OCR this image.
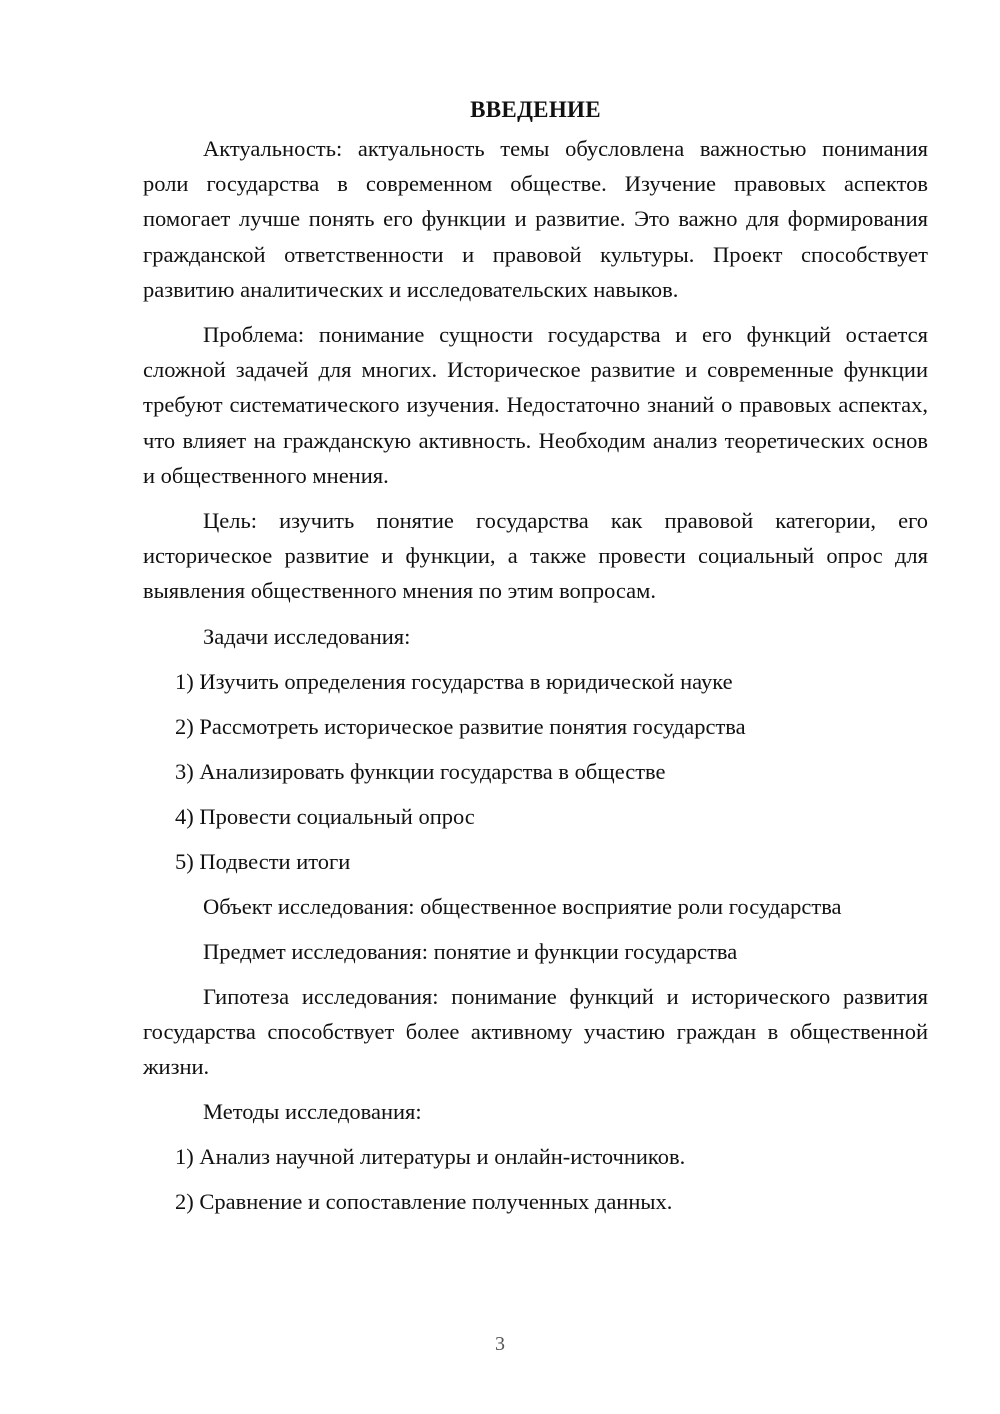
ВВЕДЕНИЕ

Актуальность: актуальность темы обусловлена важностью понимания роли государства в современном обществе. Изучение правовых аспектов помогает лучше понять его функции и развитие. Это важно для формирования гражданской ответственности и правовой культуры. Проект способствует развитию аналитических и исследовательских навыков.

Проблема: понимание сущности государства и его функций остается сложной задачей для многих. Историческое развитие и современные функции требуют систематического изучения. Недостаточно знаний о правовых аспектах, что влияет на гражданскую активность. Необходим анализ теоретических основ и общественного мнения.

Цель: изучить понятие государства как правовой категории, его историческое развитие и функции, а также провести социальный опрос для выявления общественного мнения по этим вопросам.

Задачи исследования:
1) Изучить определения государства в юридической науке
2) Рассмотреть историческое развитие понятия государства
3) Анализировать функции государства в обществе
4) Провести социальный опрос
5) Подвести итоги
Объект исследования: общественное восприятие роли государства
Предмет исследования: понятие и функции государства

Гипотеза исследования: понимание функций и исторического развития государства способствует более активному участию граждан в общественной жизни.

Методы исследования:
1) Анализ научной литературы и онлайн-источников.
2) Сравнение и сопоставление полученных данных.
3
